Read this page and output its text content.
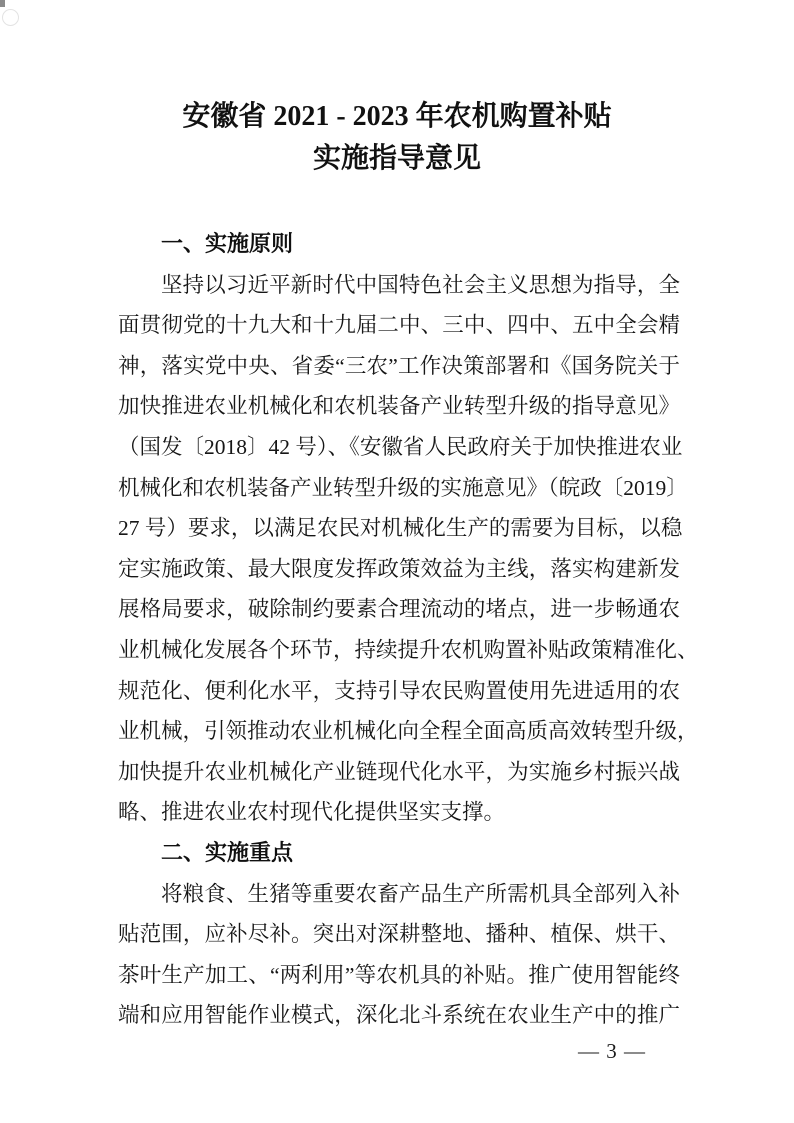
安徽省 2021 - 2023 年农机购置补贴
实施指导意见
一、实施原则
坚持以习近平新时代中国特色社会主义思想为指导，全
面贯彻党的十九大和十九届二中、三中、四中、五中全会精
神，落实党中央、省委“三农”工作决策部署和《国务院关于
加快推进农业机械化和农机装备产业转型升级的指导意见》
（国发〔2018〕42 号）、《安徽省人民政府关于加快推进农业
机械化和农机装备产业转型升级的实施意见》（皖政〔2019〕
27 号）要求，以满足农民对机械化生产的需要为目标，以稳
定实施政策、最大限度发挥政策效益为主线，落实构建新发
展格局要求，破除制约要素合理流动的堵点，进一步畅通农
业机械化发展各个环节，持续提升农机购置补贴政策精准化、
规范化、便利化水平，支持引导农民购置使用先进适用的农
业机械，引领推动农业机械化向全程全面高质高效转型升级，
加快提升农业机械化产业链现代化水平，为实施乡村振兴战
略、推进农业农村现代化提供坚实支撑。
二、实施重点
将粮食、生猪等重要农畜产品生产所需机具全部列入补
贴范围，应补尽补。突出对深耕整地、播种、植保、烘干、
茶叶生产加工、“两利用”等农机具的补贴。推广使用智能终
端和应用智能作业模式，深化北斗系统在农业生产中的推广
— 3 —
